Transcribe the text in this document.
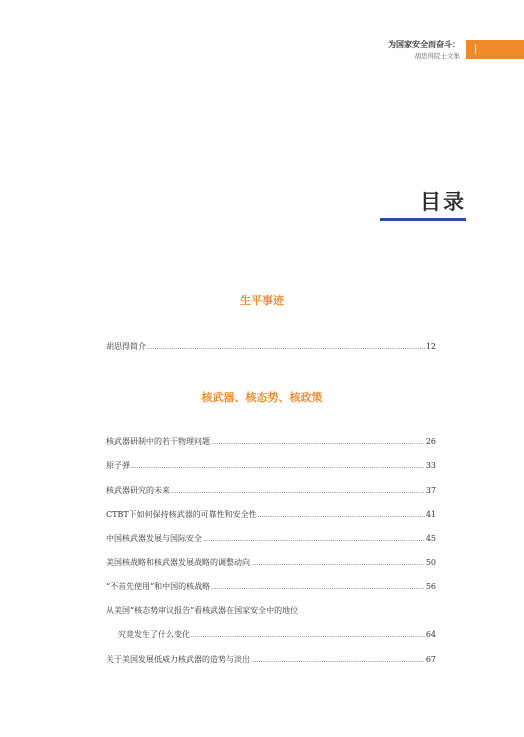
为国家安全而奋斗：
胡思得院士文集
目录
生平事迹
胡思得简介 .....	12
核武器、核态势、核政策
核武器研制中的若干物理问题 .....	26
原子弹 .....	33
核武器研究的未来 .....	37
CTBT下如何保持核武器的可靠性和安全性 .....	41
中国核武器发展与国际安全 .....	45
美国核战略和核武器发展战略的调整动向 .....	50
“不首先使用”和中国的核战略 .....	56
从美国“核态势审议报告”看核武器在国家安全中的地位
究竟发生了什么变化 .....	64
关于美国发展低威力核武器的造势与淡出 .....	67
